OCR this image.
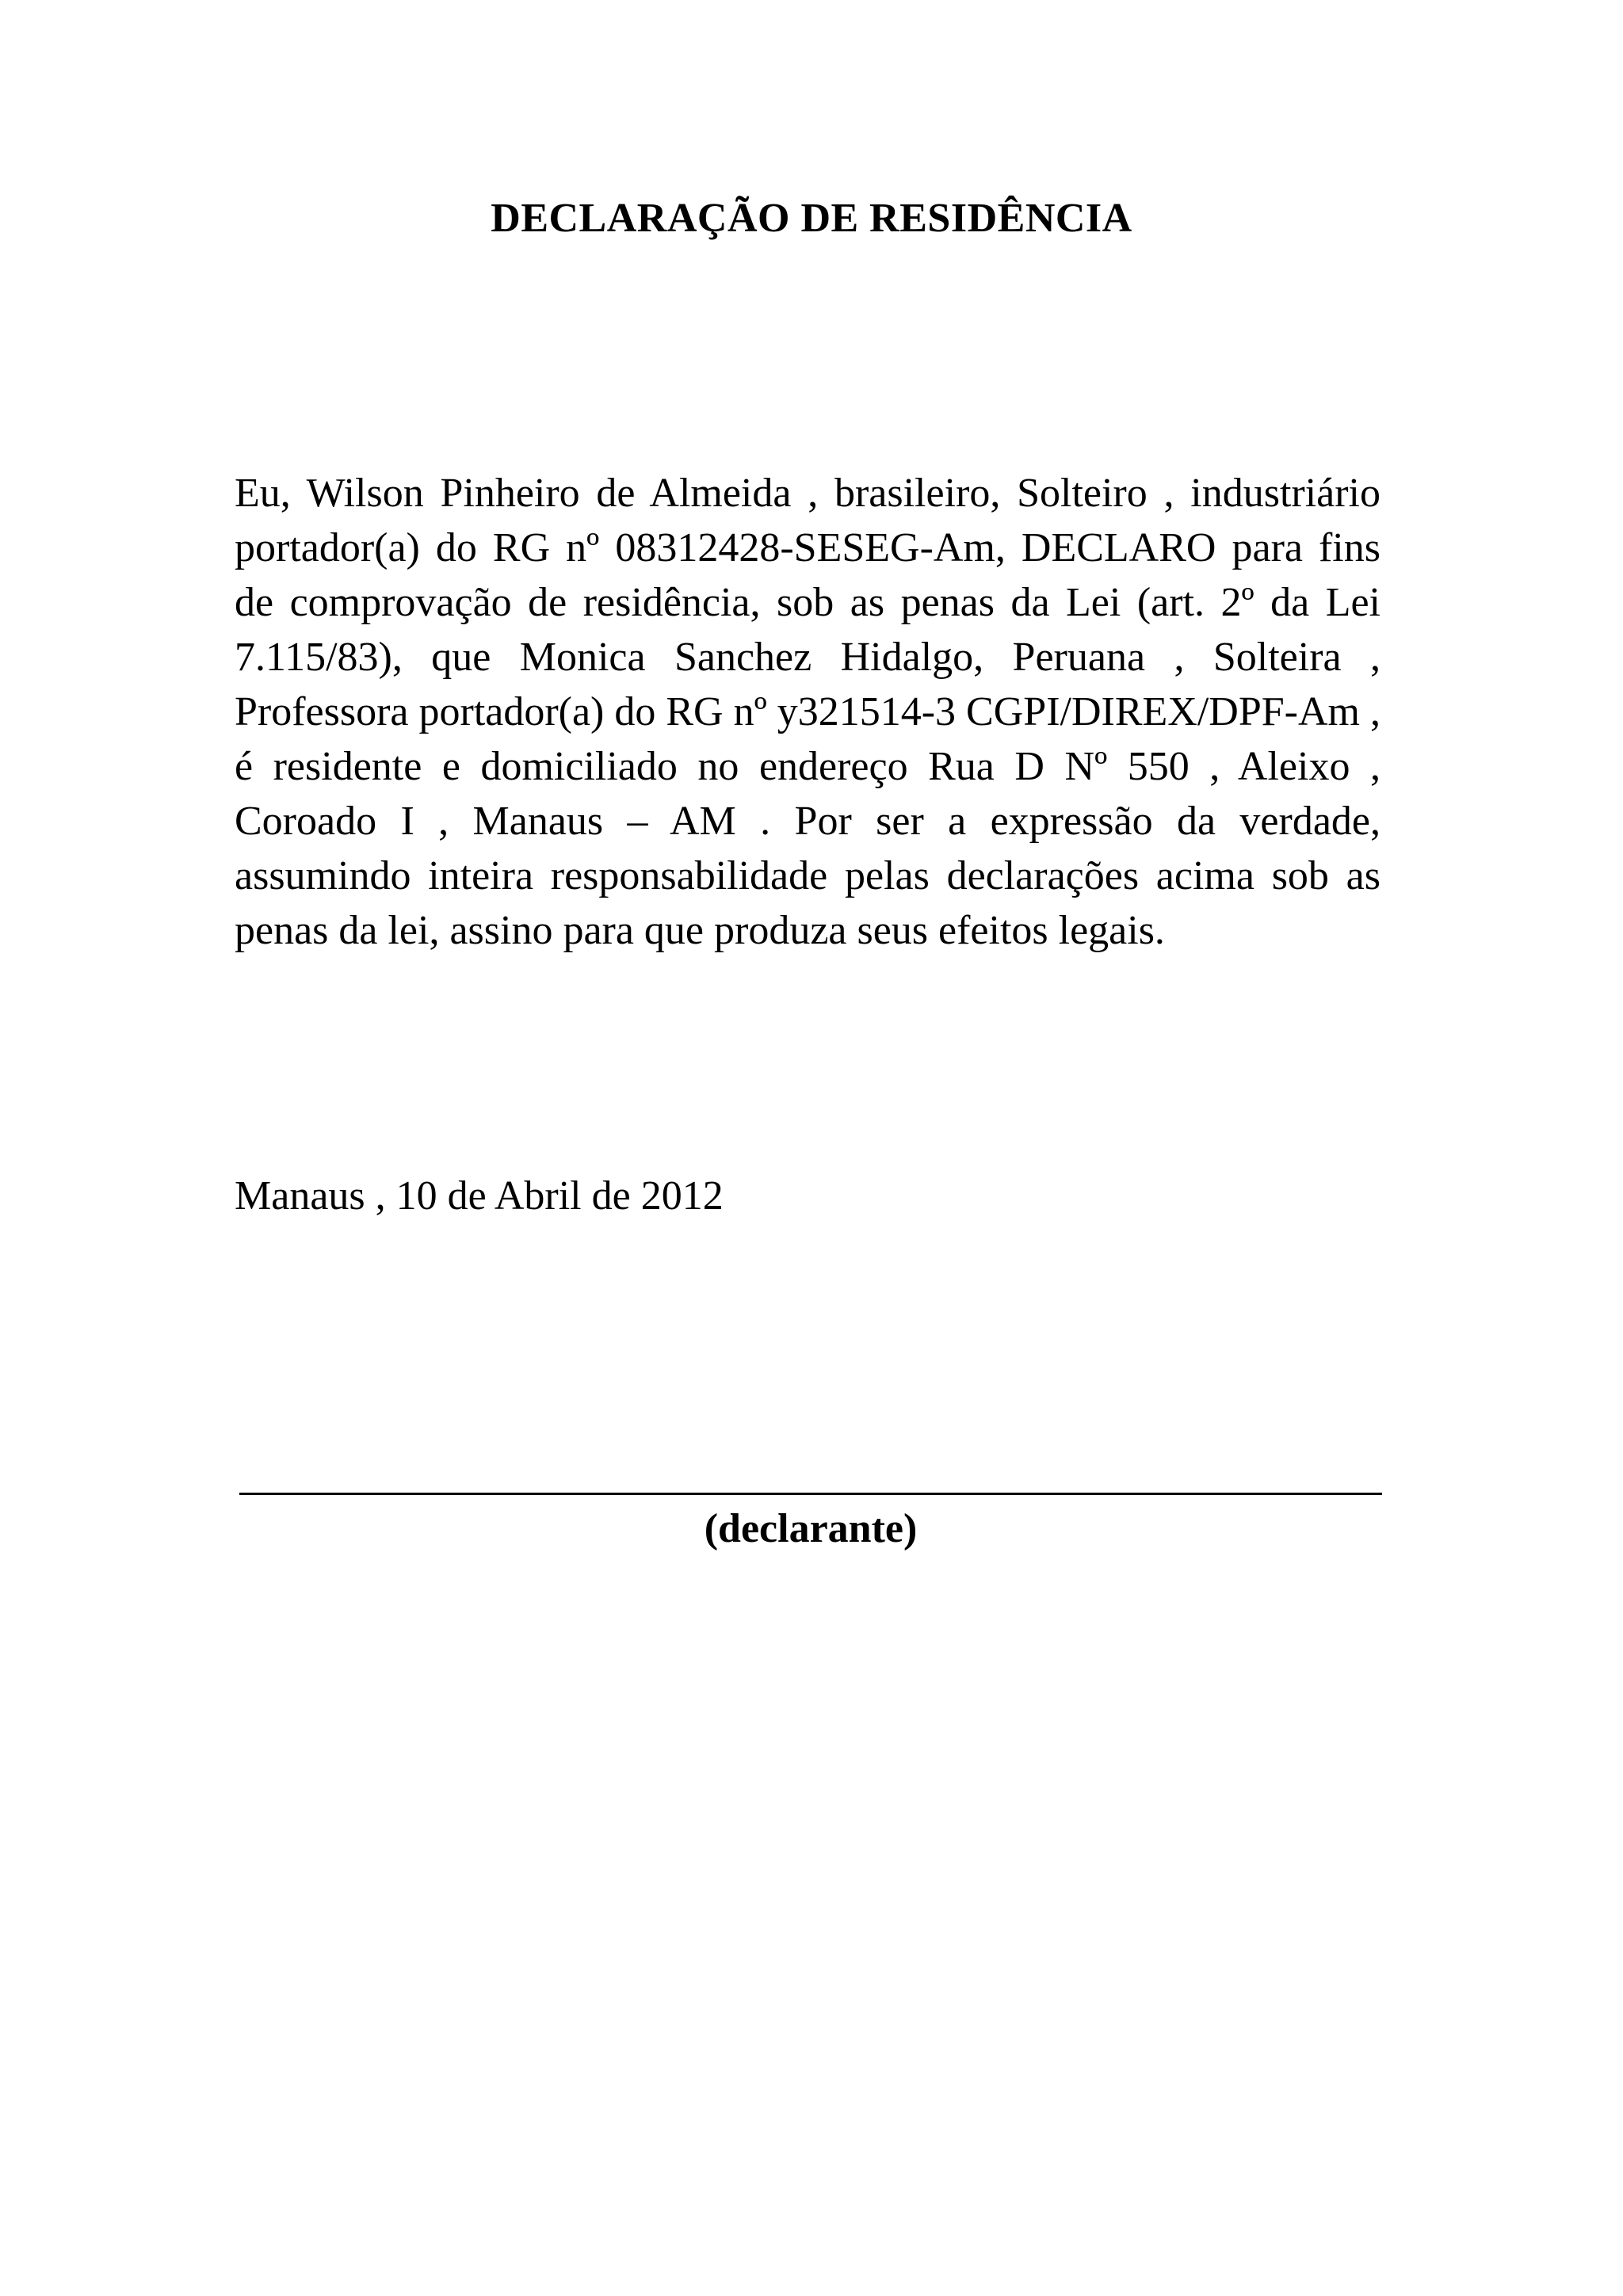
DECLARAÇÃO DE RESIDÊNCIA

Eu, Wilson Pinheiro de Almeida , brasileiro, Solteiro , industriário portador(a) do RG nº 08312428-SESEG-Am, DECLARO para fins de comprovação de residência, sob as penas da Lei (art. 2º da Lei 7.115/83), que Monica Sanchez Hidalgo, Peruana , Solteira , Professora portador(a) do RG nº y321514-3 CGPI/DIREX/DPF-Am , é residente e domiciliado no endereço Rua D Nº 550 , Aleixo , Coroado I , Manaus – AM . Por ser a expressão da verdade, assumindo inteira responsabilidade pelas declarações acima sob as penas da lei, assino para que produza seus efeitos legais.

Manaus , 10 de Abril de 2012
(declarante)
